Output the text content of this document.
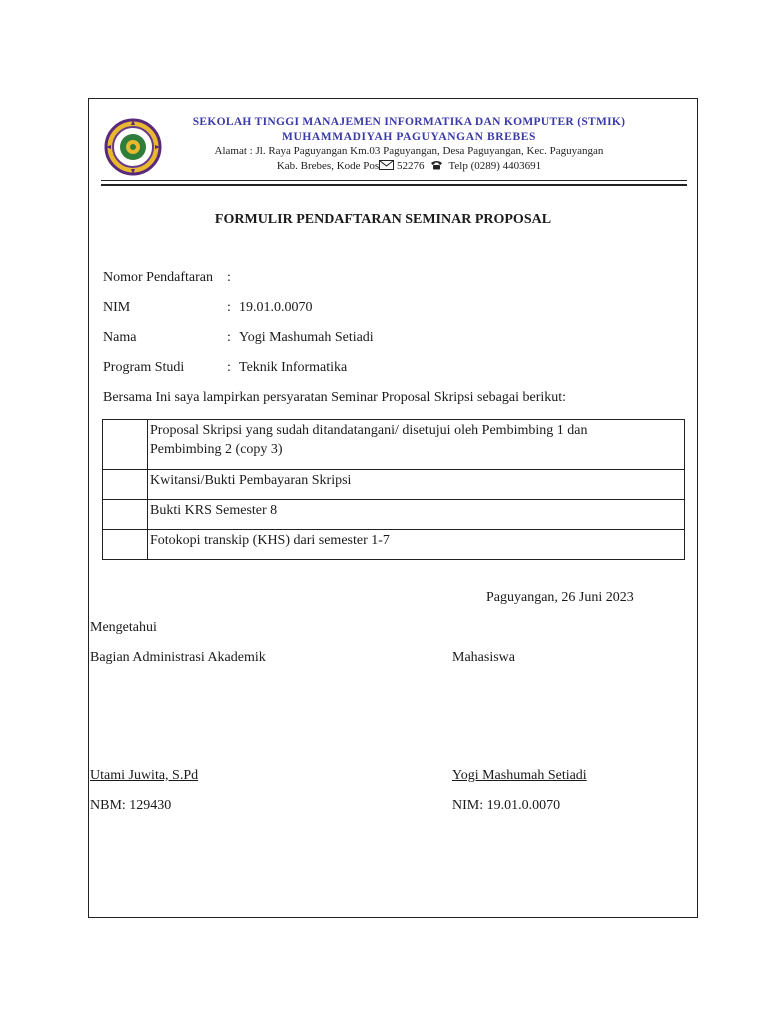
SEKOLAH TINGGI MANAJEMEN INFORMATIKA DAN KOMPUTER (STMIK)
MUHAMMADIYAH PAGUYANGAN BREBES
Alamat : Jl. Raya Paguyangan Km.03 Paguyangan, Desa Paguyangan, Kec. Paguyangan
Kab. Brebes, Kode Pos 52276 Telp (0289) 4403691
FORMULIR PENDAFTARAN SEMINAR PROPOSAL
Nomor Pendaftaran :
NIM	: 19.01.0.0070
Nama	: Yogi Mashumah Setiadi
Program Studi	: Teknik Informatika
Bersama Ini saya lampirkan persyaratan Seminar Proposal Skripsi sebagai berikut:

	Proposal Skripsi yang sudah ditandatangani/ disetujui oleh Pembimbing 1 dan
Pembimbing 2 (copy 3)

	Kwitansi/Bukti Pembayaran Skripsi
	Bukti KRS Semester 8
	Fotokopi transkip (KHS) dari semester 1-7
Paguyangan, 26 Juni 2023
Mengetahui
Bagian Administrasi Akademik	Mahasiswa
Utami Juwita, S.Pd	Yogi Mashumah Setiadi
NBM: 129430	NIM: 19.01.0.0070
